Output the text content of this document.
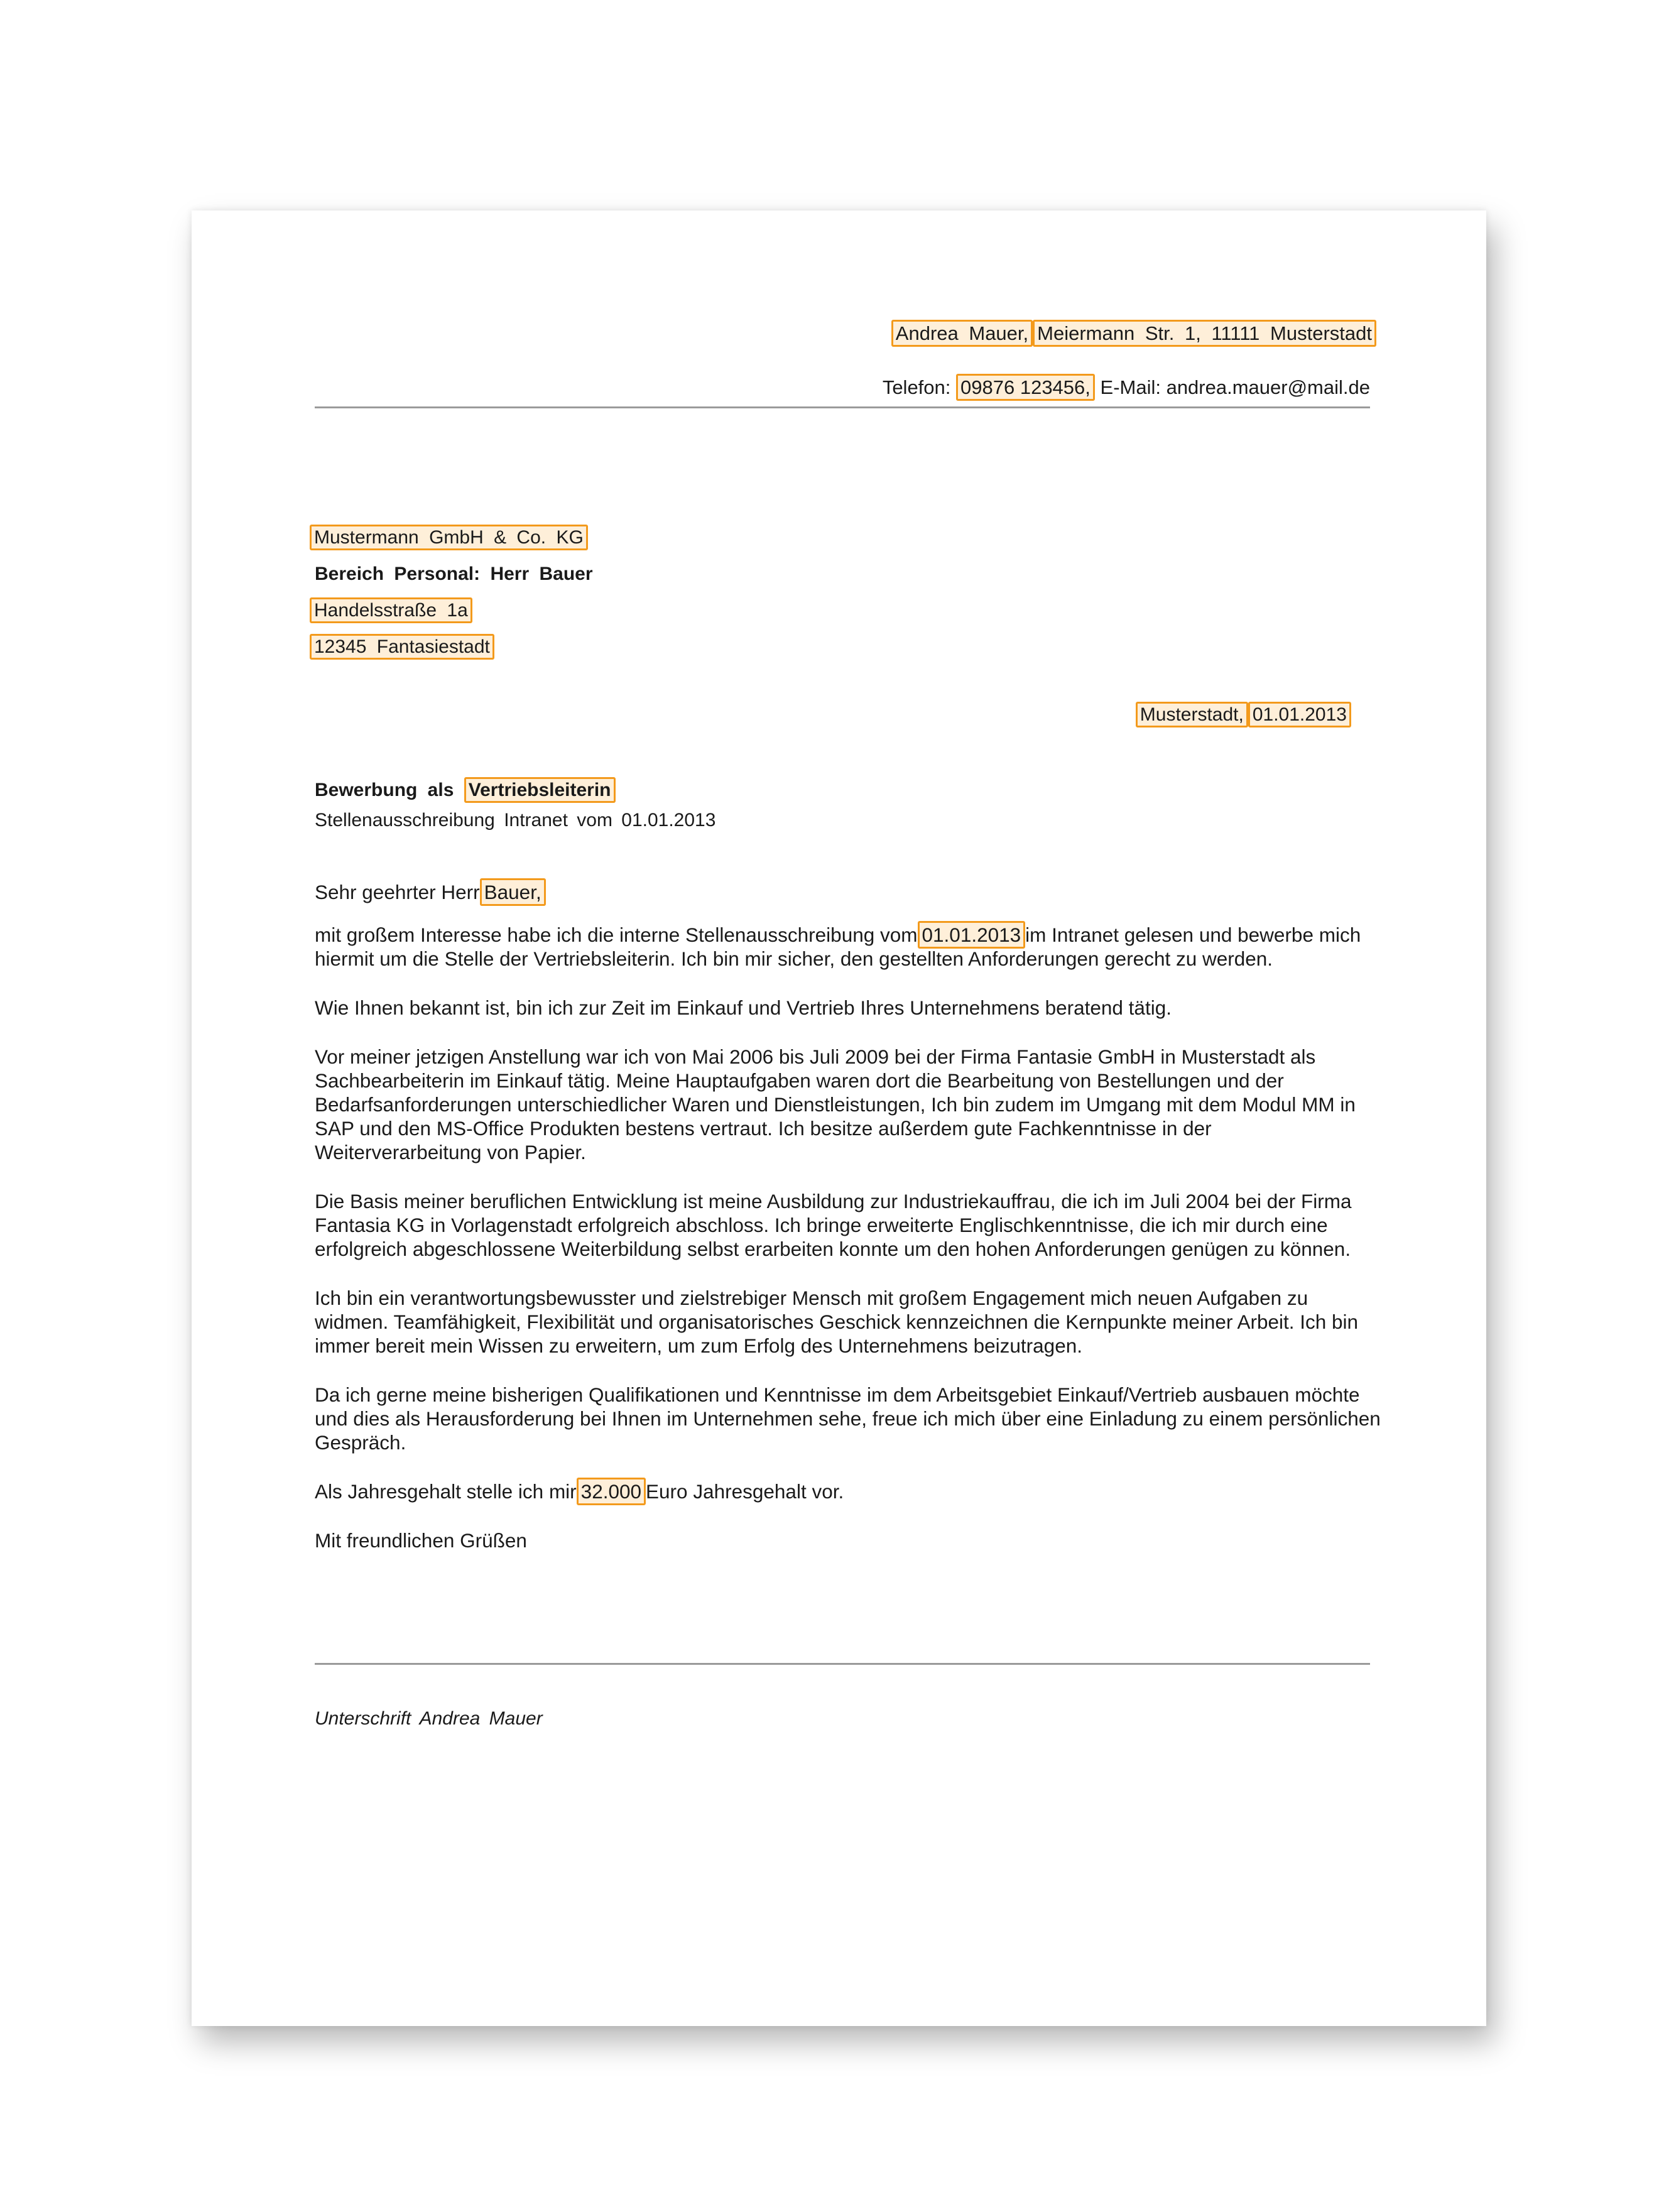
Andrea Mauer, Meiermann Str. 1, 11111 Musterstadt
Telefon: 09876 123456, E-Mail: andrea.mauer@mail.de
Mustermann GmbH & Co. KG
Bereich Personal: Herr Bauer
Handelsstraße 1a
12345 Fantasiestadt
Musterstadt, 01.01.2013
Bewerbung als Vertriebsleiterin
Stellenausschreibung Intranet vom 01.01.2013

Sehr geehrter Herr Bauer,

mit großem Interesse habe ich die interne Stellenausschreibung vom 01.01.2013 im Intranet gelesen und bewerbe mich hiermit um die Stelle der Vertriebsleiterin. Ich bin mir sicher, den gestellten Anforderungen gerecht zu werden.

Wie Ihnen bekannt ist, bin ich zur Zeit im Einkauf und Vertrieb Ihres Unternehmens beratend tätig.

Vor meiner jetzigen Anstellung war ich von Mai 2006 bis Juli 2009 bei der Firma Fantasie GmbH in Musterstadt als Sachbearbeiterin im Einkauf tätig. Meine Hauptaufgaben waren dort die Bearbeitung von Bestellungen und der Bedarfsanforderungen unterschiedlicher Waren und Dienstleistungen, Ich bin zudem im Umgang mit dem Modul MM in SAP und den MS-Office Produkten bestens vertraut. Ich besitze außerdem gute Fachkenntnisse in der Weiterverarbeitung von Papier.

Die Basis meiner beruflichen Entwicklung ist meine Ausbildung zur Industriekauffrau, die ich im Juli 2004 bei der Firma Fantasia KG in Vorlagenstadt erfolgreich abschloss. Ich bringe erweiterte Englischkenntnisse, die ich mir durch eine erfolgreich abgeschlossene Weiterbildung selbst erarbeiten konnte um den hohen Anforderungen genügen zu können.

Ich bin ein verantwortungsbewusster und zielstrebiger Mensch mit großem Engagement mich neuen Aufgaben zu widmen. Teamfähigkeit, Flexibilität und organisatorisches Geschick kennzeichnen die Kernpunkte meiner Arbeit. Ich bin immer bereit mein Wissen zu erweitern, um zum Erfolg des Unternehmens beizutragen.

Da ich gerne meine bisherigen Qualifikationen und Kenntnisse im dem Arbeitsgebiet Einkauf/Vertrieb ausbauen möchte und dies als Herausforderung bei Ihnen im Unternehmen sehe, freue ich mich über eine Einladung zu einem persönlichen Gespräch.

Als Jahresgehalt stelle ich mir 32.000 Euro Jahresgehalt vor.

Mit freundlichen Grüßen

Unterschrift Andrea Mauer
